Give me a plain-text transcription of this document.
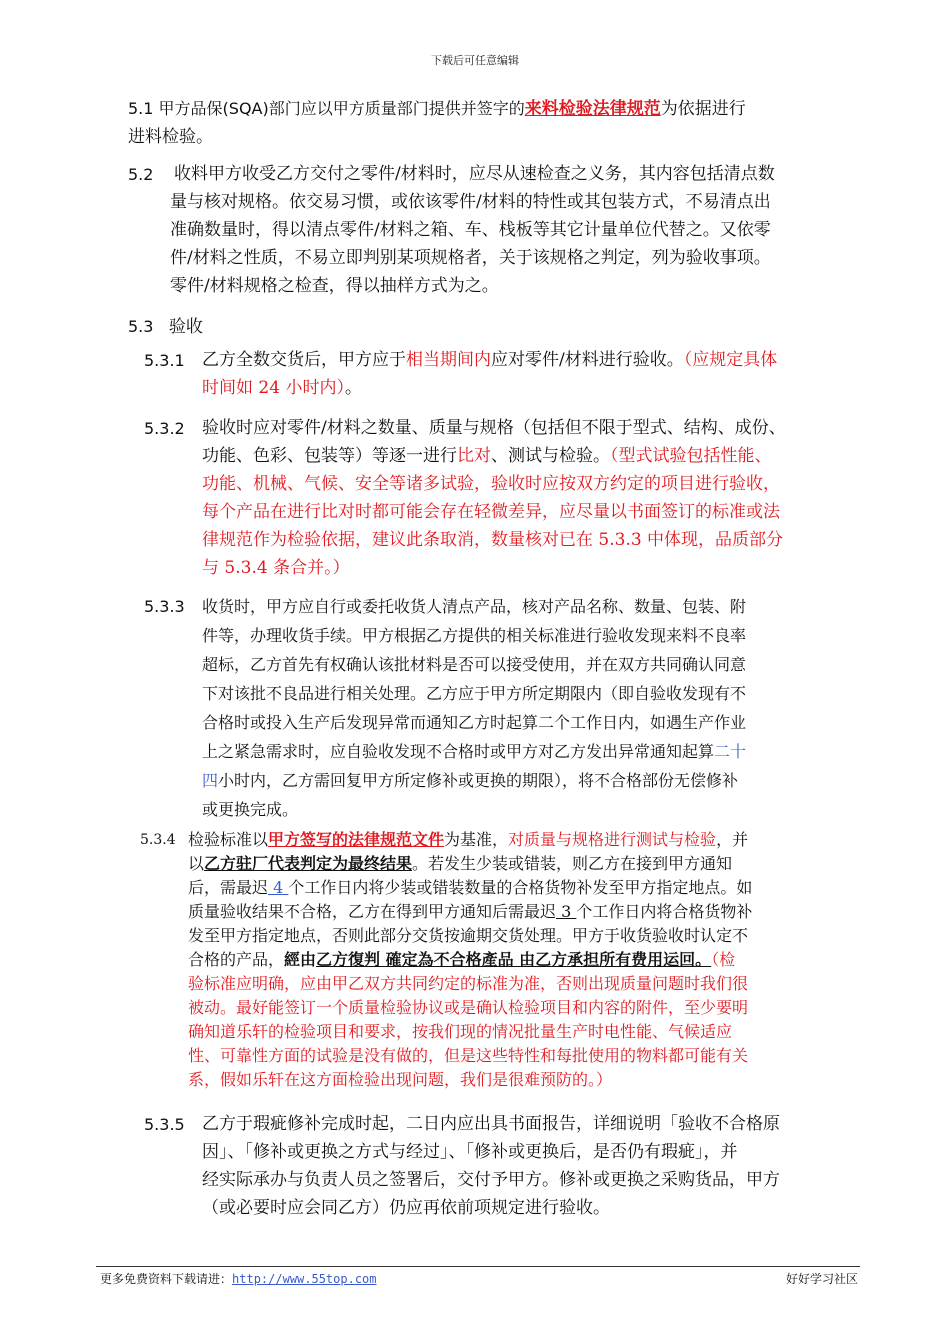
下载后可任意编辑
5.1 甲方品保(SQA)部门应以甲方质量部门提供并签字的来料检验法律规范为依据进行
进料检验。
5.2 收料甲方收受乙方交付之零件/材料时，应尽从速检查之义务，其内容包括清点数
量与核对规格。依交易习惯，或依该零件/材料的特性或其包装方式，不易清点出
准确数量时，得以清点零件/材料之箱、车、栈板等其它计量单位代替之。又依零
件/材料之性质，不易立即判别某项规格者，关于该规格之判定，列为验收事项。
零件/材料规格之检查，得以抽样方式为之。
5.3 验收
5.3.1 乙方全数交货后，甲方应于相当期间内应对零件/材料进行验收。（应规定具体
时间如 24 小时内）。
5.3.2 验收时应对零件/材料之数量、质量与规格（包括但不限于型式、结构、成份、
功能、色彩、包装等）等逐一进行比对、测试与检验。（型式试验包括性能、
功能、机械、气候、安全等诸多试验，验收时应按双方约定的项目进行验收，
每个产品在进行比对时都可能会存在轻微差异，应尽量以书面签订的标准或法
律规范作为检验依据，建议此条取消，数量核对已在 5.3.3 中体现，品质部分
与 5.3.4 条合并。）
5.3.3 收货时，甲方应自行或委托收货人清点产品，核对产品名称、数量、包装、附
件等，办理收货手续。甲方根据乙方提供的相关标准进行验收发现来料不良率
超标，乙方首先有权确认该批材料是否可以接受使用，并在双方共同确认同意
下对该批不良品进行相关处理。乙方应于甲方所定期限内（即自验收发现有不
合格时或投入生产后发现异常而通知乙方时起算二个工作日内，如遇生产作业
上之紧急需求时，应自验收发现不合格时或甲方对乙方发出异常通知起算二十
四小时内，乙方需回复甲方所定修补或更换的期限），将不合格部份无偿修补
或更换完成。
5.3.4 检验标准以甲方签写的法律规范文件为基准，对质量与规格进行测试与检验，并
以乙方驻厂代表判定为最终结果。若发生少装或错装，则乙方在接到甲方通知
后，需最迟 4 个工作日内将少装或错装数量的合格货物补发至甲方指定地点。如
质量验收结果不合格，乙方在得到甲方通知后需最迟 3 个工作日内将合格货物补
发至甲方指定地点，否则此部分交货按逾期交货处理。甲方于收货验收时认定不
合格的产品，經由乙方復判 確定為不合格產品 由乙方承担所有费用运回。（检
验标准应明确，应由甲乙双方共同约定的标准为准，否则出现质量问题时我们很
被动。最好能签订一个质量检验协议或是确认检验项目和内容的附件，至少要明
确知道乐轩的检验项目和要求，按我们现的情况批量生产时电性能、气候适应
性、可靠性方面的试验是没有做的，但是这些特性和每批使用的物料都可能有关
系，假如乐轩在这方面检验出现问题，我们是很难预防的。）
5.3.5 乙方于瑕疵修补完成时起，二日内应出具书面报告，详细说明「验收不合格原
因」、「修补或更换之方式与经过」、「修补或更换后，是否仍有瑕疵」，并
经实际承办与负责人员之签署后，交付予甲方。修补或更换之采购货品，甲方
（或必要时应会同乙方）仍应再依前项规定进行验收。
更多免费资料下载请进：http://www.55top.com	好好学习社区
